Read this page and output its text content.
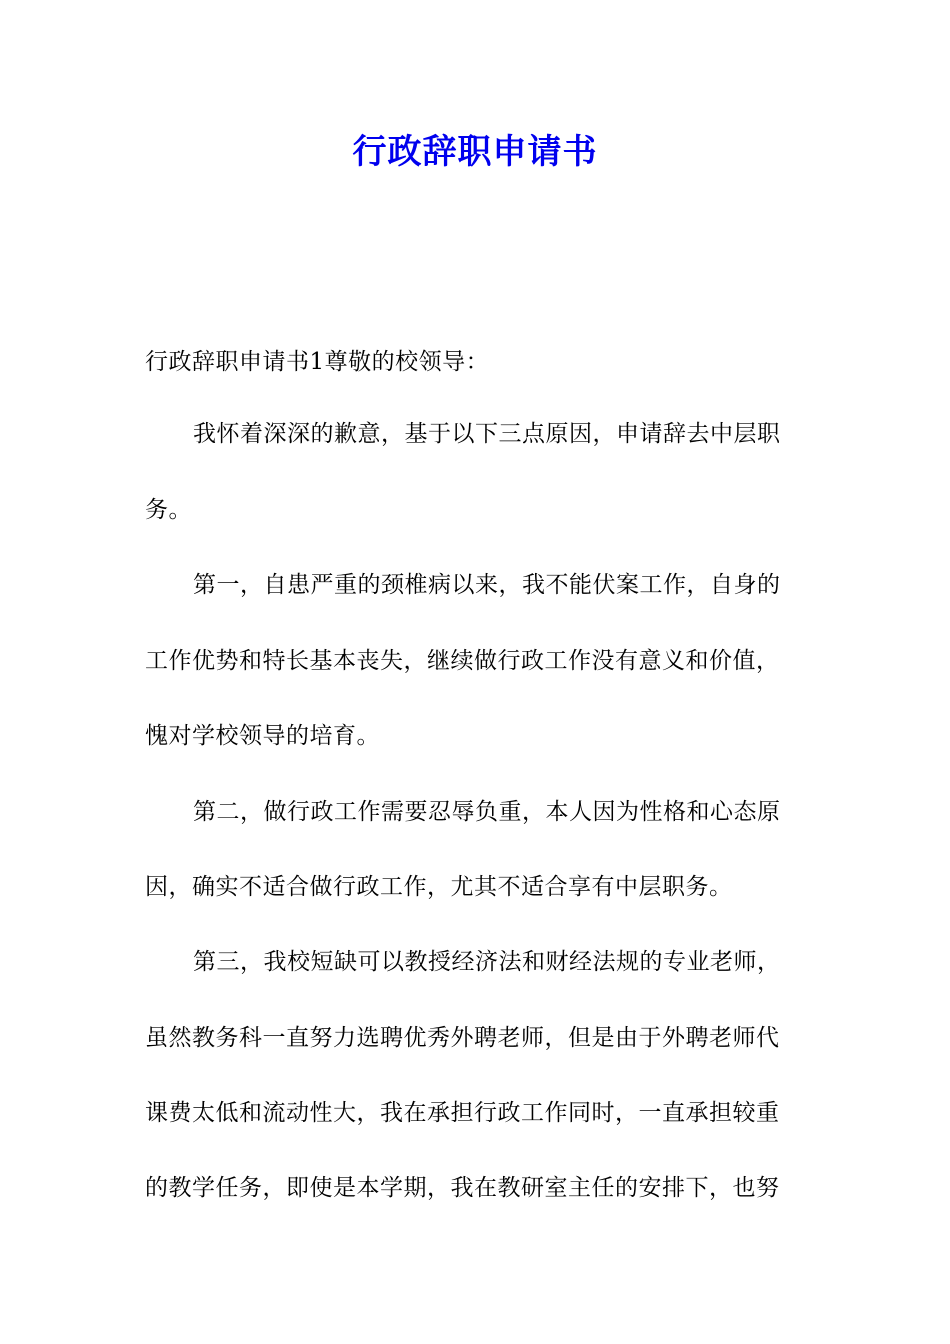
行政辞职申请书
行政辞职申请书1尊敬的校领导：
我怀着深深的歉意，基于以下三点原因，申请辞去中层职
务。
第一，自患严重的颈椎病以来，我不能伏案工作，自身的
工作优势和特长基本丧失，继续做行政工作没有意义和价值，
愧对学校领导的培育。
第二，做行政工作需要忍辱负重，本人因为性格和心态原
因，确实不适合做行政工作，尤其不适合享有中层职务。
第三，我校短缺可以教授经济法和财经法规的专业老师，
虽然教务科一直努力选聘优秀外聘老师，但是由于外聘老师代
课费太低和流动性大，我在承担行政工作同时，一直承担较重
的教学任务，即使是本学期，我在教研室主任的安排下，也努
